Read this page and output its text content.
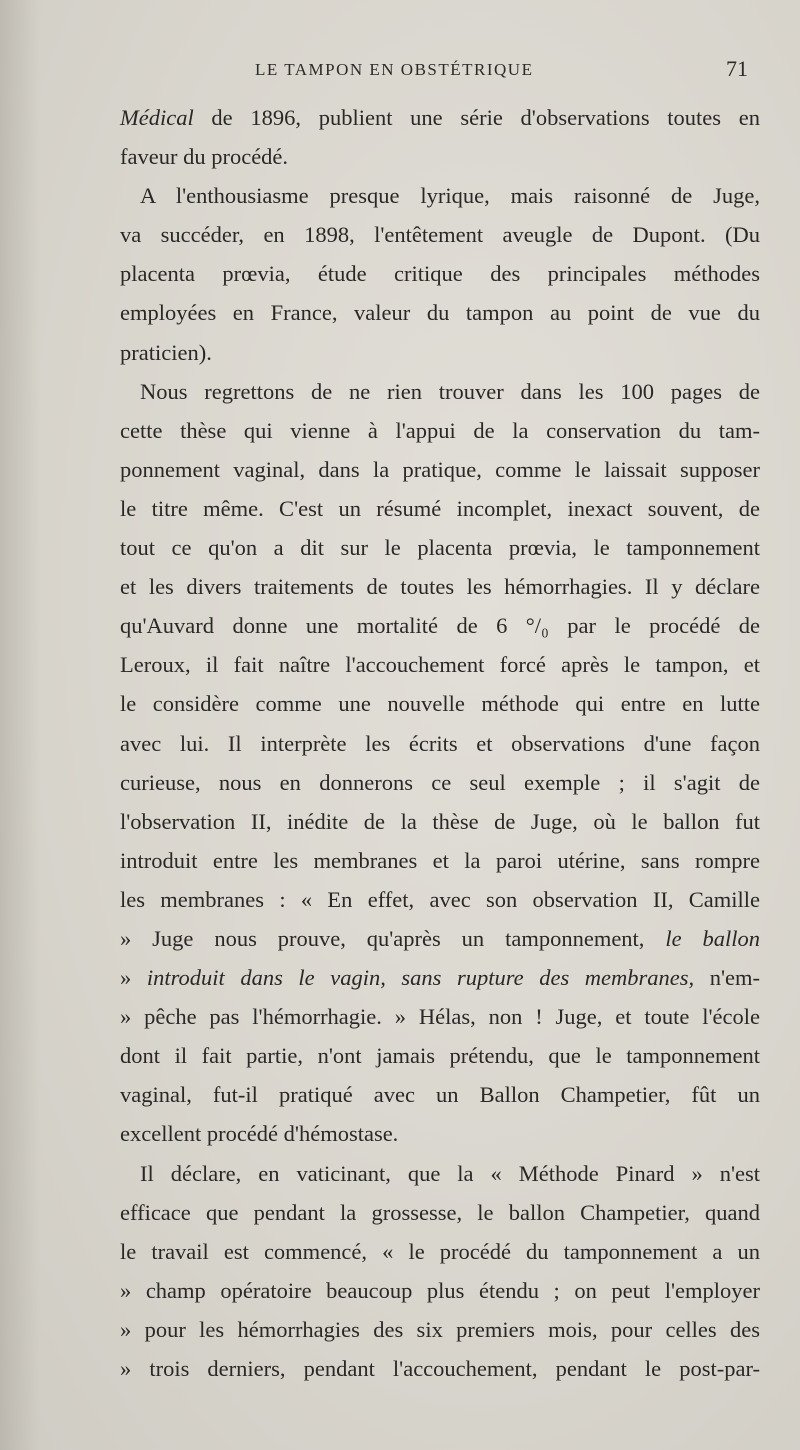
LE TAMPON EN OBSTÉTRIQUE	71
Médical de 1896, publient une série d'observations toutes en
faveur du procédé.
A l'enthousiasme presque lyrique, mais raisonné de Juge,
va succéder, en 1898, l'entêtement aveugle de Dupont. (Du
placenta prœvia, étude critique des principales méthodes
employées en France, valeur du tampon au point de vue du
praticien).
Nous regrettons de ne rien trouver dans les 100 pages de
cette thèse qui vienne à l'appui de la conservation du tam-
ponnement vaginal, dans la pratique, comme le laissait supposer
le titre même. C'est un résumé incomplet, inexact souvent, de
tout ce qu'on a dit sur le placenta prœvia, le tamponnement
et les divers traitements de toutes les hémorrhagies. Il y déclare
qu'Auvard donne une mortalité de 6 °/₀ par le procédé de
Leroux, il fait naître l'accouchement forcé après le tampon, et
le considère comme une nouvelle méthode qui entre en lutte
avec lui. Il interprète les écrits et observations d'une façon
curieuse, nous en donnerons ce seul exemple ; il s'agit de
l'observation II, inédite de la thèse de Juge, où le ballon fut
introduit entre les membranes et la paroi utérine, sans rompre
les membranes : « En effet, avec son observation II, Camille
» Juge nous prouve, qu'après un tamponnement, le ballon
» introduit dans le vagin, sans rupture des membranes, n'em-
» pêche pas l'hémorrhagie. » Hélas, non ! Juge, et toute l'école
dont il fait partie, n'ont jamais prétendu, que le tamponnement
vaginal, fut-il pratiqué avec un Ballon Champetier, fût un
excellent procédé d'hémostase.
Il déclare, en vaticinant, que la « Méthode Pinard » n'est
efficace que pendant la grossesse, le ballon Champetier, quand
le travail est commencé, « le procédé du tamponnement a un
» champ opératoire beaucoup plus étendu ; on peut l'employer
» pour les hémorrhagies des six premiers mois, pour celles des
» trois derniers, pendant l'accouchement, pendant le post-par-
